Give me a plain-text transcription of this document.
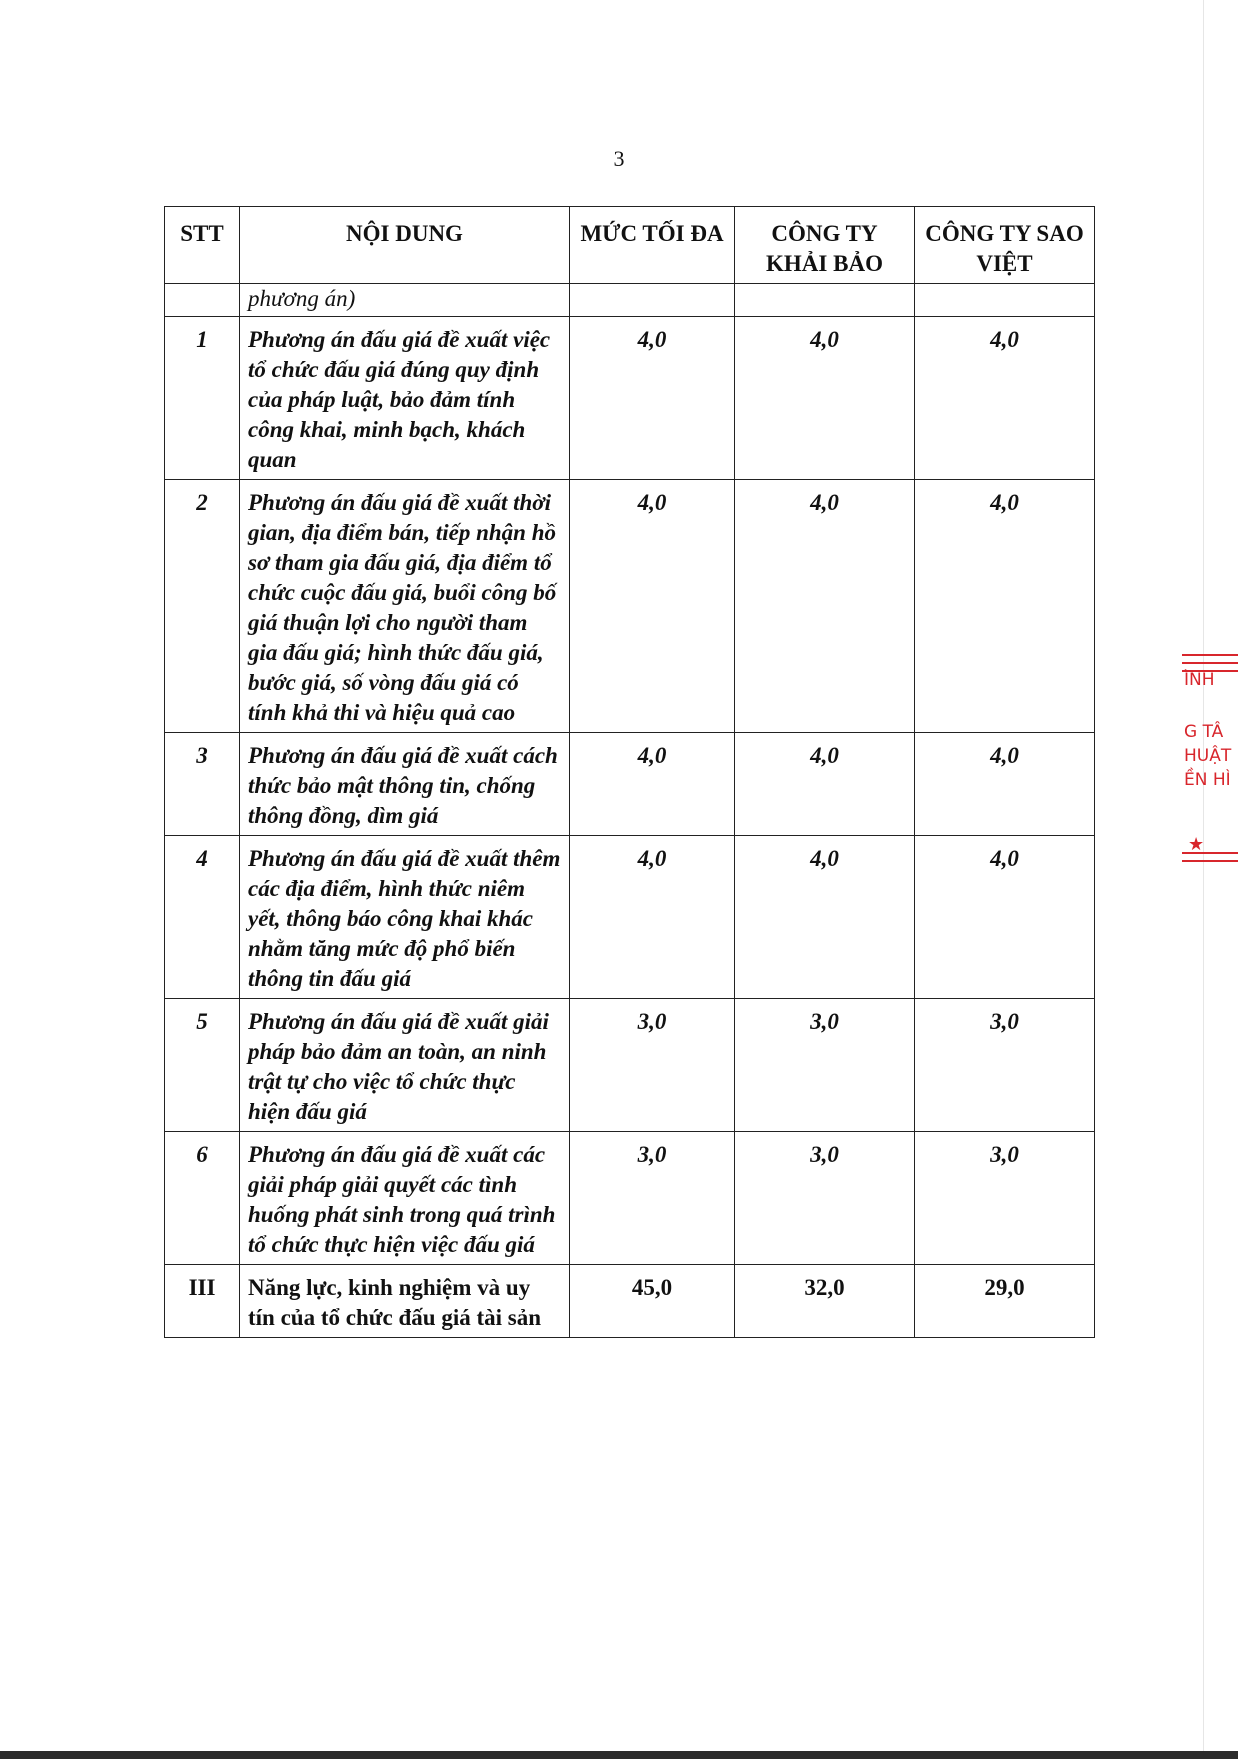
3
STT	NỘI DUNG	MỨC TỐI ĐA	CÔNG TY KHẢI BẢO	CÔNG TY SAO VIỆT
	phương án)			
1	Phương án đấu giá đề xuất việc tổ chức đấu giá đúng quy định của pháp luật, bảo đảm tính công khai, minh bạch, khách quan	4,0	4,0	4,0
2	Phương án đấu giá đề xuất thời gian, địa điểm bán, tiếp nhận hồ sơ tham gia đấu giá, địa điểm tổ chức cuộc đấu giá, buổi công bố giá thuận lợi cho người tham gia đấu giá; hình thức đấu giá, bước giá, số vòng đấu giá có tính khả thi và hiệu quả cao	4,0	4,0	4,0
3	Phương án đấu giá đề xuất cách thức bảo mật thông tin, chống thông đồng, dìm giá	4,0	4,0	4,0
4	Phương án đấu giá đề xuất thêm các địa điểm, hình thức niêm yết, thông báo công khai khác nhằm tăng mức độ phổ biến thông tin đấu giá	4,0	4,0	4,0
5	Phương án đấu giá đề xuất giải pháp bảo đảm an toàn, an ninh trật tự cho việc tổ chức thực hiện đấu giá	3,0	3,0	3,0
6	Phương án đấu giá đề xuất các giải pháp giải quyết các tình huống phát sinh trong quá trình tổ chức thực hiện việc đấu giá	3,0	3,0	3,0
III	Năng lực, kinh nghiệm và uy tín của tổ chức đấu giá tài sản	45,0	32,0	29,0
ÌNH
G TÂ
HUẬT
ỀN HÌ
★
